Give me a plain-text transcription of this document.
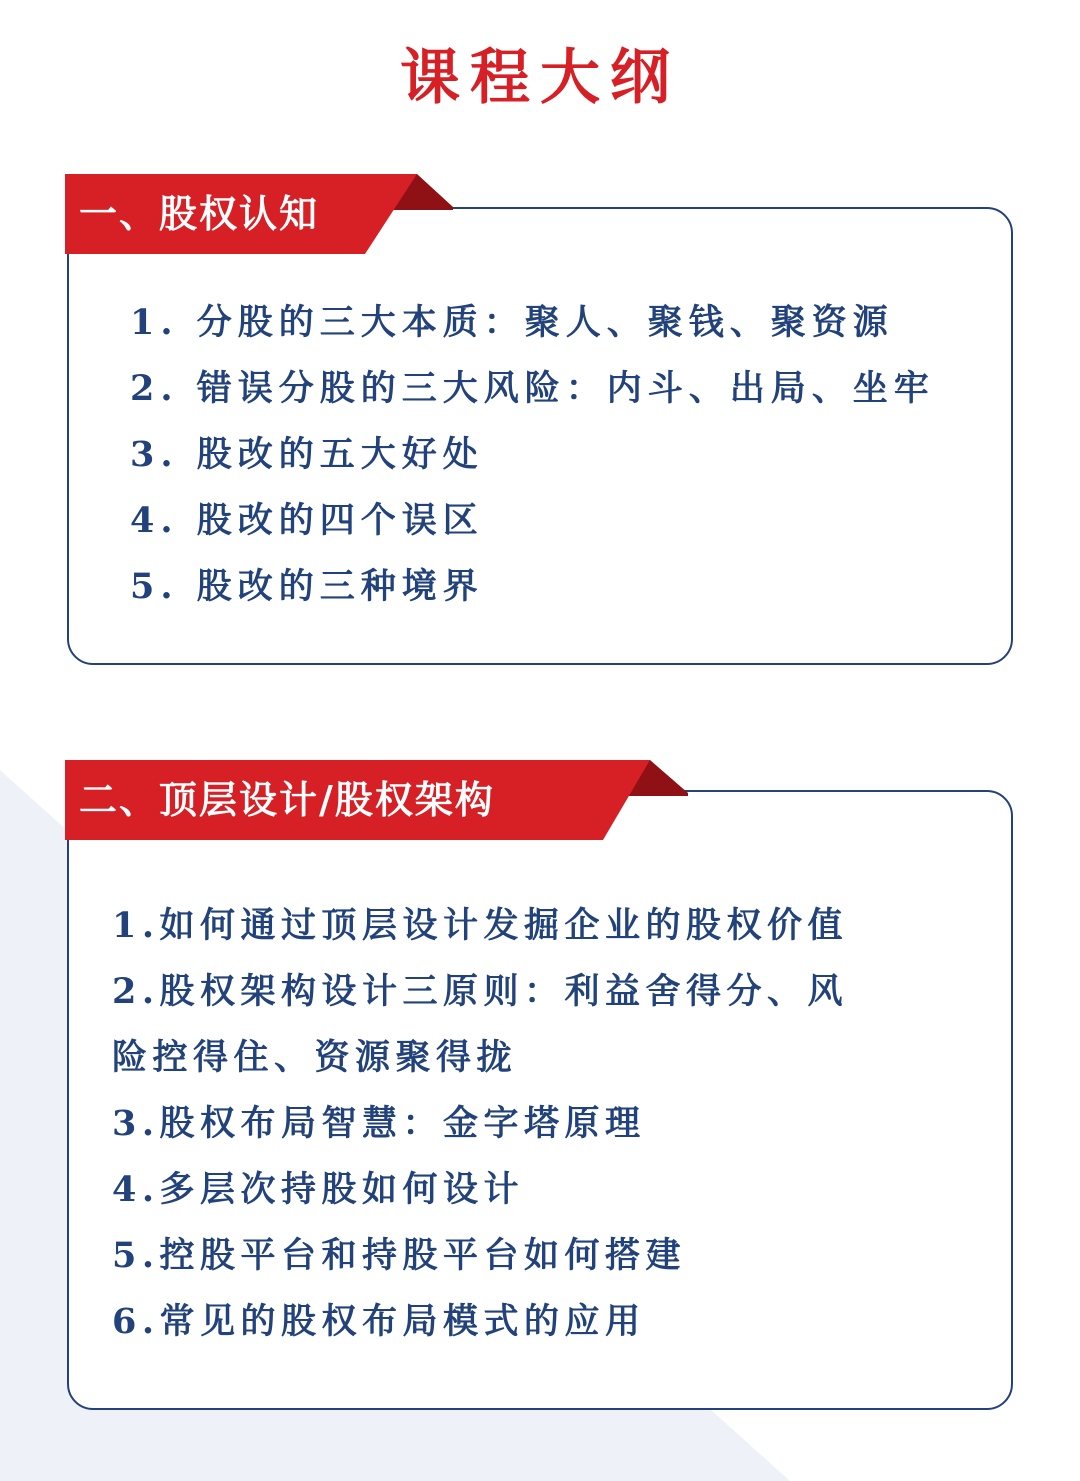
课程大纲
一、股权认知
1. 分股的三大本质：聚人、聚钱、聚资源
2. 错误分股的三大风险：内斗、出局、坐牢
3. 股改的五大好处
4. 股改的四个误区
5. 股改的三种境界
二、顶层设计/股权架构
1.如何通过顶层设计发掘企业的股权价值
2.股权架构设计三原则：利益舍得分、风
险控得住、资源聚得拢
3.股权布局智慧：金字塔原理
4.多层次持股如何设计
5.控股平台和持股平台如何搭建
6.常见的股权布局模式的应用
